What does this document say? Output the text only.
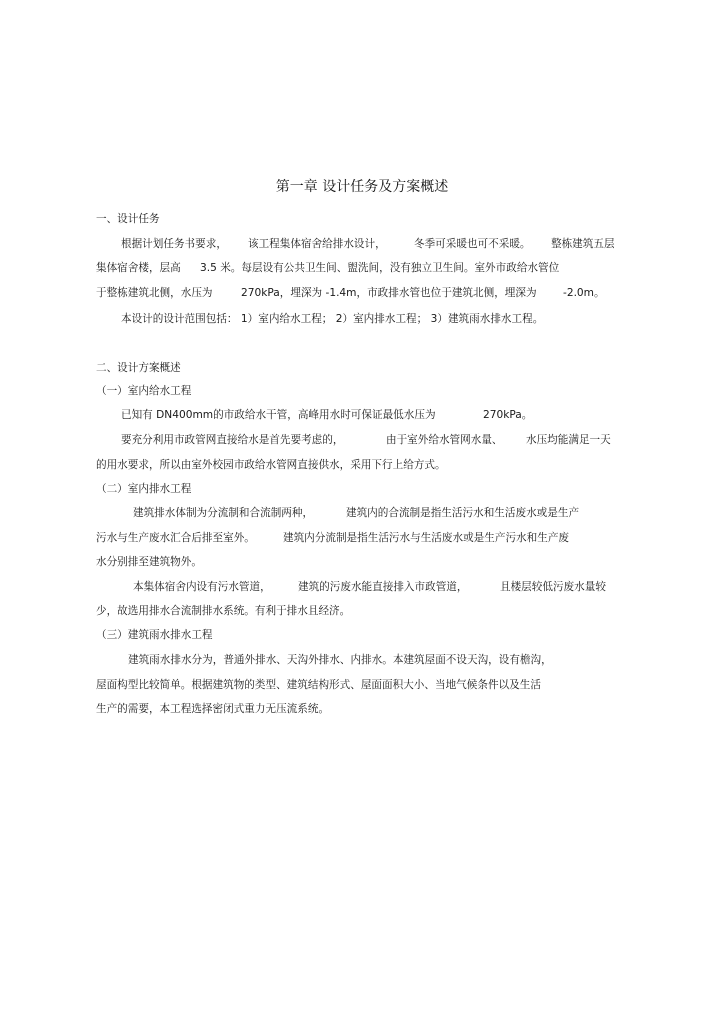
第一章 设计任务及方案概述
一、设计任务
根据计划任务书要求， 该工程集体宿舍给排水设计，	冬季可采暖也可不采暖。 整栋建筑五层
集体宿舍楼，层高 3.5 米。每层设有公共卫生间、盥洗间，没有独立卫生间。室外市政给水管位
于整栋建筑北侧，水压为	270kPa，埋深为 -1.4m，市政排水管也位于建筑北侧，埋深为 -2.0m。
本设计的设计范围包括： 1）室内给水工程； 2）室内排水工程； 3）建筑雨水排水工程。
二、设计方案概述
（一）室内给水工程
已知有 DN400mm的市政给水干管，高峰用水时可保证最低水压为	270kPa。
要充分利用市政管网直接给水是首先要考虑的，	由于室外给水管网水量、 水压均能满足一天
的用水要求，所以由室外校园市政给水管网直接供水，采用下行上给方式。
（二）室内排水工程
建筑排水体制为分流制和合流制两种，	建筑内的合流制是指生活污水和生活废水或是生产
污水与生产废水汇合后排至室外。	建筑内分流制是指生活污水与生活废水或是生产污水和生产废
水分别排至建筑物外。
本集体宿舍内设有污水管道，	建筑的污废水能直接排入市政管道，	且楼层较低污废水量较
少，故选用排水合流制排水系统。有利于排水且经济。
（三）建筑雨水排水工程
建筑雨水排水分为，普通外排水、天沟外排水、内排水。本建筑屋面不设天沟，设有檐沟，
屋面构型比较简单。根据建筑物的类型、建筑结构形式、屋面面积大小、当地气候条件以及生活
生产的需要，本工程选择密闭式重力无压流系统。
